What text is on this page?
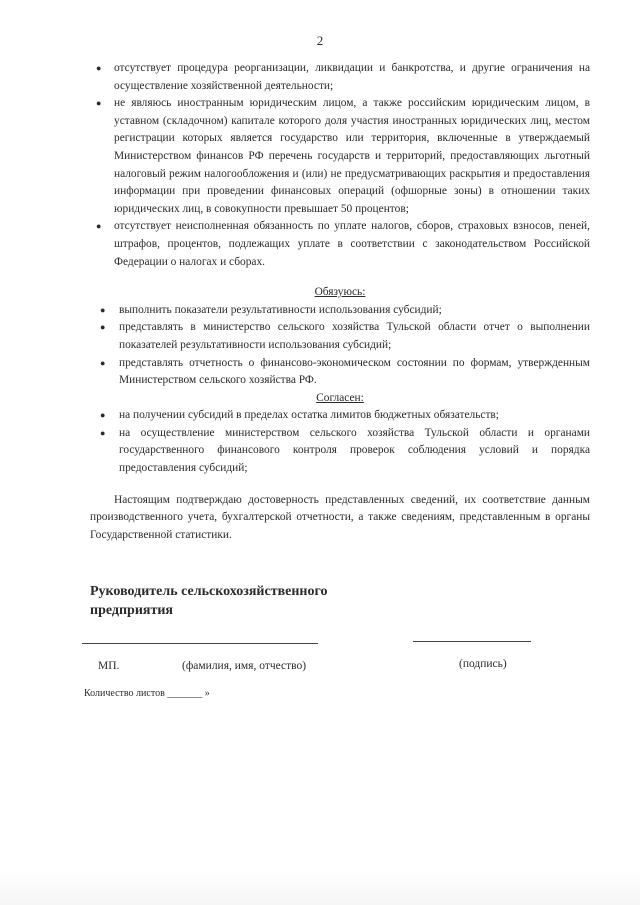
2
● отсутствует процедура реорганизации, ликвидации и банкротства, и другие ограничения на осуществление хозяйственной деятельности;
● не являюсь иностранным юридическим лицом, а также российским юридическим лицом, в уставном (складочном) капитале которого доля участия иностранных юридических лиц, местом регистрации которых является государство или территория, включенные в утверждаемый Министерством финансов РФ перечень государств и территорий, предоставляющих льготный налоговый режим налогообложения и (или) не предусматривающих раскрытия и предоставления информации при проведении финансовых операций (офшорные зоны) в отношении таких юридических лиц, в совокупности превышает 50 процентов;
● отсутствует неисполненная обязанность по уплате налогов, сборов, страховых взносов, пеней, штрафов, процентов, подлежащих уплате в соответствии с законодательством Российской Федерации о налогах и сборах.
Обязуюсь:
● выполнить показатели результативности использования субсидий;
● представлять в министерство сельского хозяйства Тульской области отчет о выполнении показателей результативности использования субсидий;
● представлять отчетность о финансово-экономическом состоянии по формам, утвержденным Министерством сельского хозяйства РФ.
Согласен:
● на получении субсидий в пределах остатка лимитов бюджетных обязательств;
● на осуществление министерством сельского хозяйства Тульской области и органами государственного финансового контроля проверок соблюдения условий и порядка предоставления субсидий;

Настоящим подтверждаю достоверность представленных сведений, их соответствие данным производственного учета, бухгалтерской отчетности, а также сведениям, представленным в органы Государственной статистики.

Руководитель сельскохозяйственного предприятия
МП.	(фамилия, имя, отчество)	(подпись)
Количество листов _______ »
